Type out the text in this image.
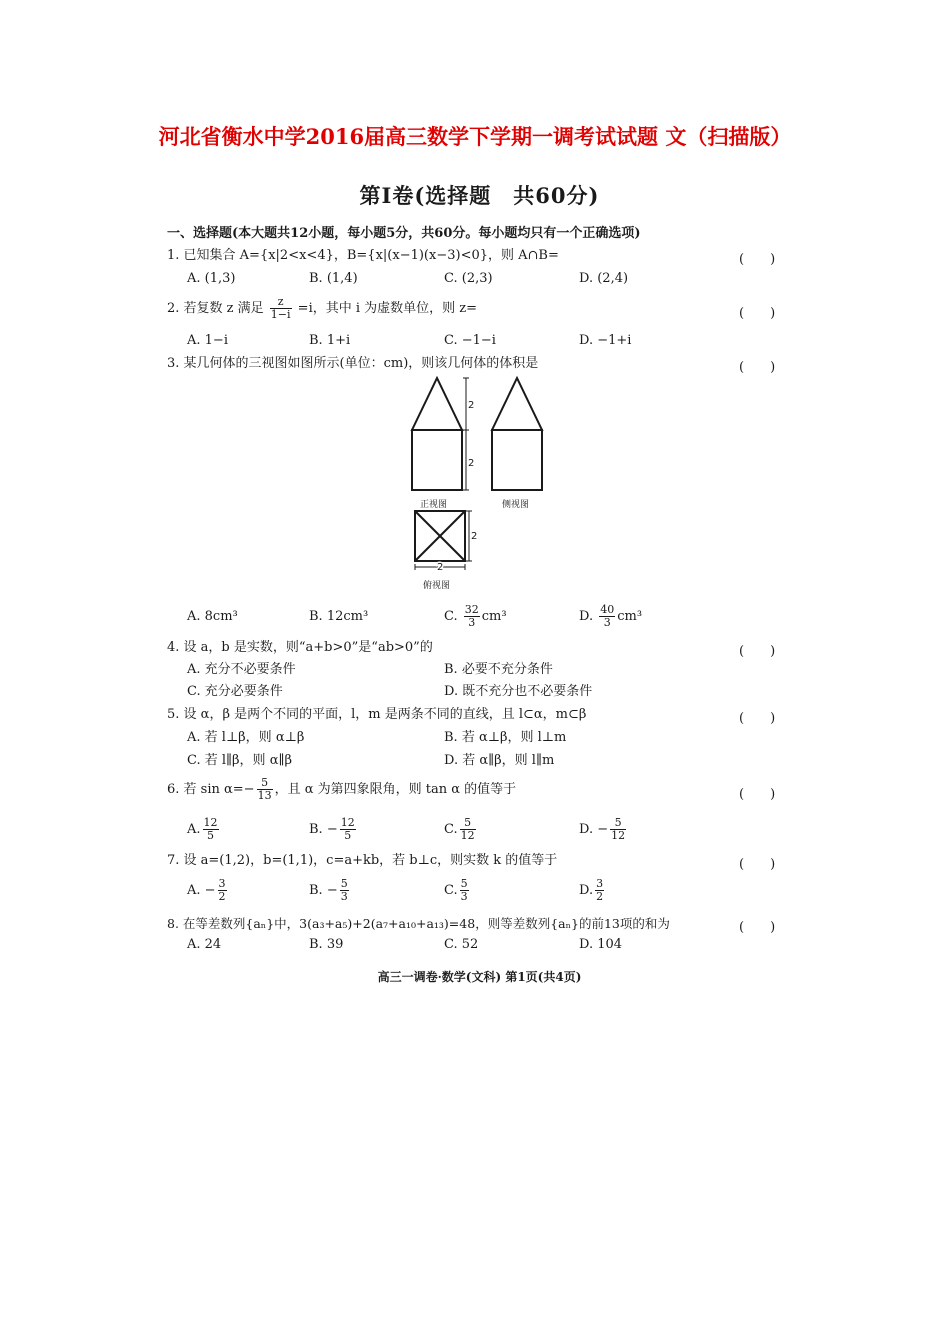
河北省衡水中学2016届高三数学下学期一调考试试题 文（扫描版）
第Ⅰ卷(选择题　共60分)
一、选择题(本大题共12小题，每小题5分，共60分。每小题均只有一个正确选项)
1. 已知集合 A={x|2<x<4}，B={x|(x−1)(x−3)<0}，则 A∩B=	(　　)
A. (1,3)	B. (1,4)	C. (2,3)	D. (2,4)
2. 若复数 z 满足 $\frac{z}{1-i} =i$，其中 i 为虚数单位，则 z=	(　　)
A. 1−i	B. 1+i	C. −1−i	D. −1+i
3. 某几何体的三视图如图所示(单位：cm)，则该几何体的体积是	(　　)
2
2
正视图	侧视图
2
2
俯视图
A. 8cm³	B. 12cm³	C. $\frac{32}{3} cm^3$	D. $\frac{40}{3} cm^3$
4. 设 a，b 是实数，则“a+b>0”是“ab>0”的	(　　)
A. 充分不必要条件	B. 必要不充分条件
C. 充分必要条件	D. 既不充分也不必要条件
5. 设 α，β 是两个不同的平面，l，m 是两条不同的直线，且 l⊂α，m⊂β	(　　)
A. 若 l⊥β，则 α⊥β	B. 若 α⊥β，则 l⊥m
C. 若 l∥β，则 α∥β	D. 若 α∥β，则 l∥m
6. 若 $\sin \alpha=- \frac{5}{13}$ ，且 α 为第四象限角，则 tan α 的值等于	(　　)
A. $\frac{12}{5}$	B. − $\frac{12}{5}$	C. $\frac{5}{12}$	D. − $\frac{5}{12}$
7. 设 a=(1,2)，b=(1,1)，c=a+kb，若 b⊥c，则实数 k 的值等于	(　　)
A. − $\frac{3}{2}$	B. − $\frac{5}{3}$	C. $\frac{5}{3}$	D. $\frac{3}{2}$
8. 在等差数列{aₙ}中，3(a₃+a₅)+2(a₇+a₁₀+a₁₃)=48，则等差数列{aₙ}的前13项的和为	(　　)
A. 24	B. 39	C. 52	D. 104
高三一调卷·数学(文科) 第1页(共4页)
